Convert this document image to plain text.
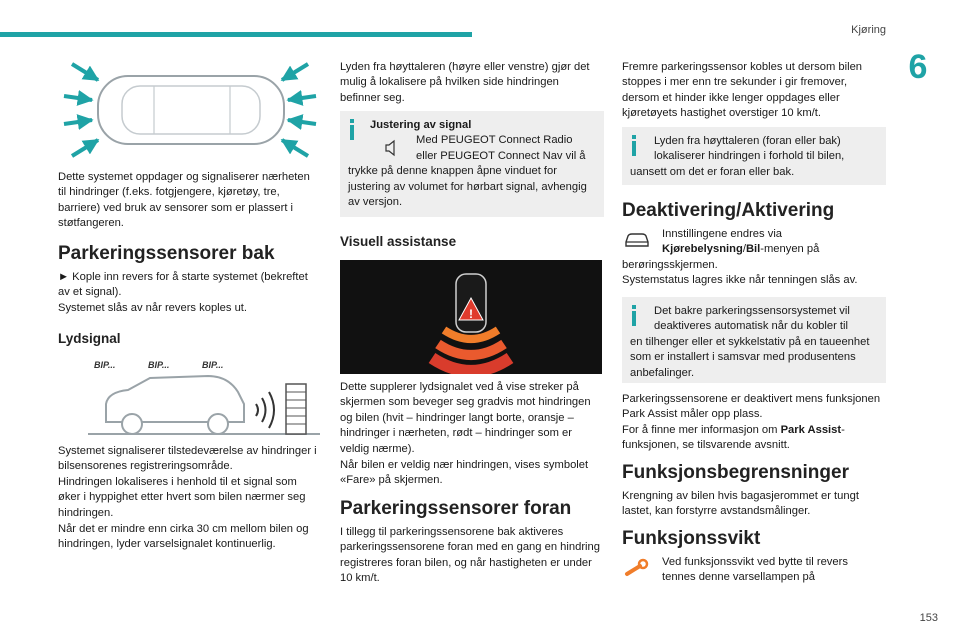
Kjøring
6

Dette systemet oppdager og signaliserer nærheten til hindringer (f.eks. fotgjengere, kjøretøy, tre, barriere) ved bruk av sensorer som er plassert i støtfangeren.

Parkeringssensorer bak

► Kople inn revers for å starte systemet (bekreftet av et signal).

Systemet slås av når revers koples ut.

Lydsignal
BIP...	BIP...	BIP...

Systemet signaliserer tilstedeværelse av hindringer i bilsensorenes registreringsområde.

Hindringen lokaliseres i henhold til et signal som øker i hyppighet etter hvert som bilen nærmer seg hindringen.

Når det er mindre enn cirka 30 cm mellom bilen og hindringen, lyder varselsignalet kontinuerlig.

Lyden fra høyttaleren (høyre eller venstre) gjør det mulig å lokalisere på hvilken side hindringen befinner seg.

Justering av signal
Med PEUGEOT Connect Radio
eller PEUGEOT Connect Nav vil å
trykke på denne knappen åpne vinduet for justering av volumet for hørbart signal, avhengig av versjon.
Visuell assistanse
!

Dette supplerer lydsignalet ved å vise streker på skjermen som beveger seg gradvis mot hindringen og bilen (hvit – hindringer langt borte, oransje – hindringer i nærheten, rødt – hindringer som er veldig nærme).

Når bilen er veldig nær hindringen, vises symbolet «Fare» på skjermen.

Parkeringssensorer foran

I tillegg til parkeringssensorene bak aktiveres parkeringssensorene foran med en gang en hindring registreres foran bilen, og når hastigheten er under 10 km/t.

Fremre parkeringssensor kobles ut dersom bilen stoppes i mer enn tre sekunder i gir fremover, dersom et hinder ikke lenger oppdages eller kjøretøyets hastighet overstiger 10 km/t.

Lyden fra høyttaleren (foran eller bak)
lokaliserer hindringen i forhold til bilen,
uansett om det er foran eller bak.
Deaktivering/Aktivering
Innstillingene endres via
Kjørebelysning/Bil-menyen på
berøringsskjermen.
Systemstatus lagres ikke når tenningen slås av.
Det bakre parkeringssensorsystemet vil
deaktiveres automatisk når du kobler til
en tilhenger eller et sykkelstativ på en taueenhet som er installert i samsvar med produsentens anbefalinger.

Parkeringssensorene er deaktivert mens funksjonen Park Assist måler opp plass.

For å finne mer informasjon om Park Assist-funksjonen, se tilsvarende avsnitt.

Funksjonsbegrensninger

Krengning av bilen hvis bagasjerommet er tungt lastet, kan forstyrre avstandsmålinger.

Funksjonssvikt
Ved funksjonssvikt ved bytte til revers
tennes denne varsellampen på
153
